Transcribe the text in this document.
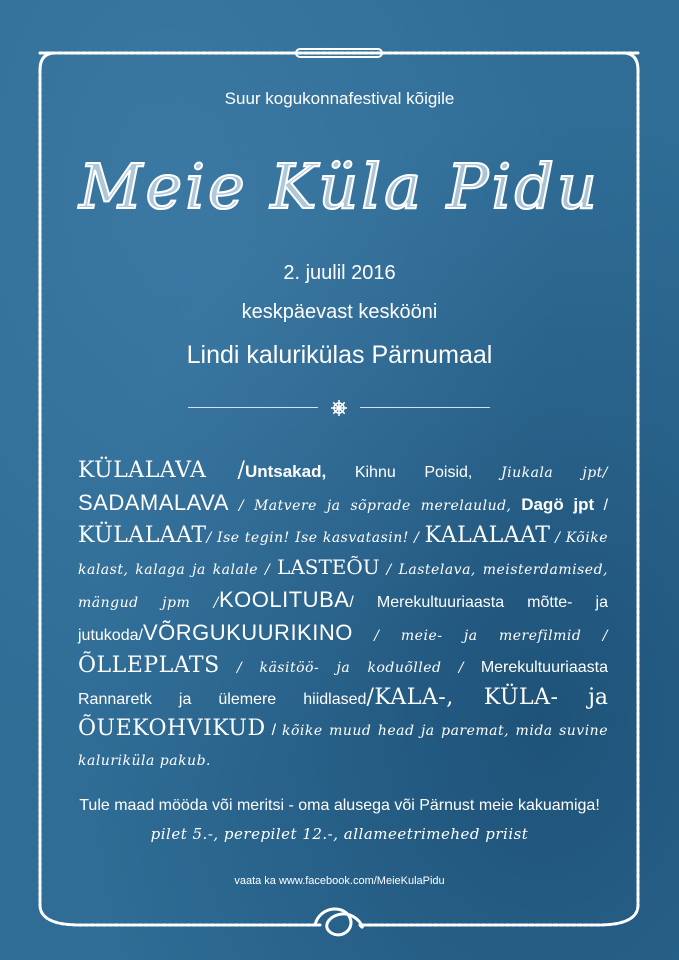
Suur kogukonnafestival kõigile
Meie Küla Pidu
2. juulil 2016
keskpäevast keskööni
Lindi kalurikülas Pärnumaal
KÜLALAVA /Untsakad, Kihnu Poisid, Jiukala jpt/ SADAMALAVA / Matvere ja sõprade merelaulud, Dagö jpt / KÜLALAAT/ Ise tegin! Ise kasvatasin! / KALALAAT / Kõike kalast, kalaga ja kalale / LASTEÕU / Lastelava, meisterdamised, mängud jpm /KOOLITUBA/ Merekultuuriaasta mõtte- ja jutukoda/VÕRGUKUURIKINO / meie- ja merefilmid / ÕLLEPLATS / käsitöö- ja koduõlled / Merekultuuriaasta Rannaretk ja ülemere hiidlased/KALA-, KÜLA- ja ÕUEKOHVIKUD / kõike muud head ja paremat, mida suvine kaluriküla pakub.
Tule maad mööda või meritsi - oma alusega või Pärnust meie kakuamiga!
pilet 5.-, perepilet 12.-, allameetrimehed priist
vaata ka www.facebook.com/MeieKulaPidu
